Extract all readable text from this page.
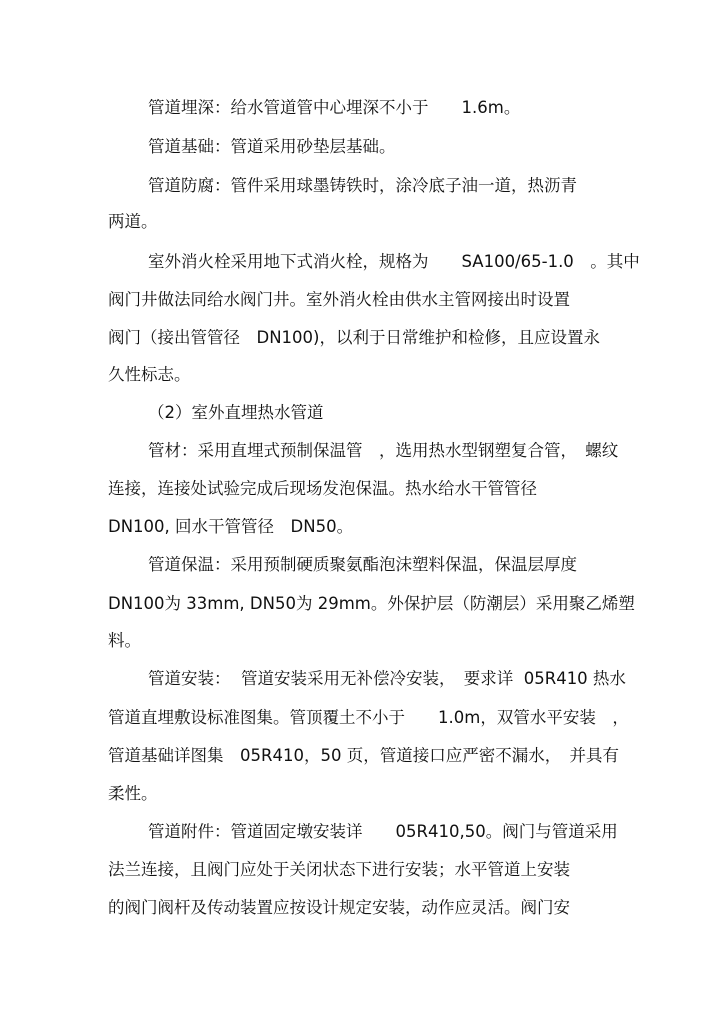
管道埋深：给水管道管中心埋深不小于　　1.6m。
管道基础：管道采用砂垫层基础。
管道防腐：管件采用球墨铸铁时，涂冷底子油一道，热沥青
两道。
室外消火栓采用地下式消火栓，规格为　　SA100/65-1.0　。其中
阀门井做法同给水阀门井。室外消火栓由供水主管网接出时设置
阀门（接出管管径　DN100)，以利于日常维护和检修，且应设置永
久性标志。
（2）室外直埋热水管道
管材：采用直埋式预制保温管　，选用热水型钢塑复合管，　螺纹
连接，连接处试验完成后现场发泡保温。热水给水干管管径
DN100, 回水干管管径　DN50。
管道保温：采用预制硬质聚氨酯泡沫塑料保温，保温层厚度
DN100为 33mm, DN50为 29mm。外保护层（防潮层）采用聚乙烯塑
料。
管道安装：  管道安装采用无补偿冷安装，　要求详  05R410 热水
管道直埋敷设标准图集。管顶覆土不小于　　1.0m，双管水平安装　，
管道基础详图集　05R410，50 页，管道接口应严密不漏水，　并具有
柔性。
管道附件：管道固定墩安装详　　05R410,50。阀门与管道采用
法兰连接，且阀门应处于关闭状态下进行安装；水平管道上安装
的阀门阀杆及传动装置应按设计规定安装，动作应灵活。阀门安
